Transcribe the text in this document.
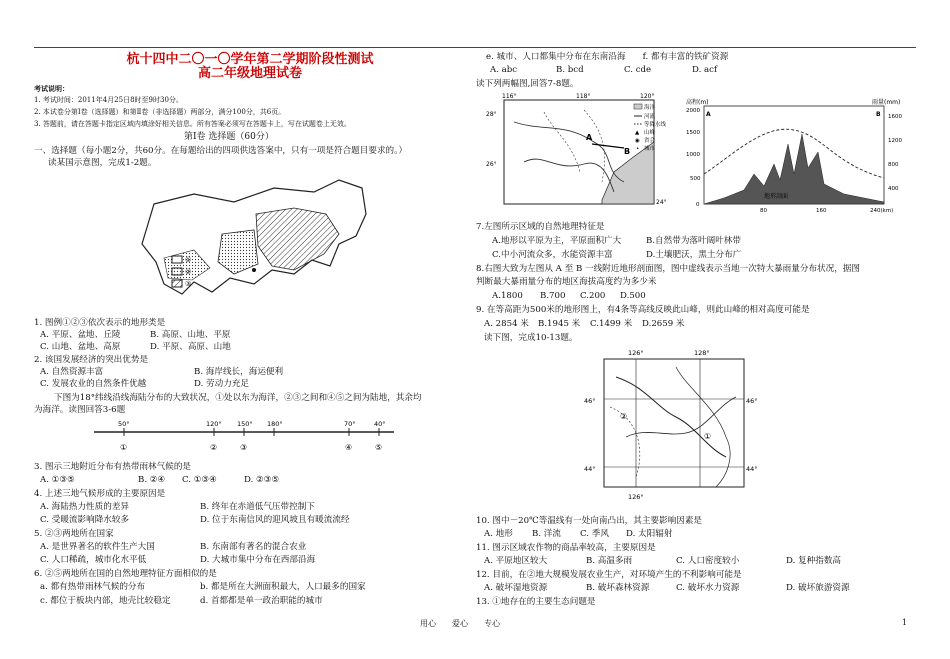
杭十四中二〇一〇学年第二学期阶段性测试
高二年级地理试卷
考试说明：
1. 考试时间：2011年4月25日8时至9时30分。
2. 本试卷分第Ⅰ卷（选择题）和第Ⅱ卷（非选择题）两部分，满分100分，共6页。
3. 答题前，请在答题卡指定区域内填涂好相关信息。所有答案必须写在答题卡上，写在试题卷上无效。
第Ⅰ卷 选择题（60分）
一、选择题（每小题2分，共60分。在每题给出的四项供选答案中，只有一项是符合题目要求的。）
读某国示意图，完成1-2题。
①
②
③
1. 图例①②③依次表示的地形类是
A. 平原、盆地、丘陵	B. 高原、山地、平原
C. 山地、盆地、高原	D. 平原、高原、山地
2. 该国发展经济的突出优势是
A. 自然资源丰富	B. 海岸线长，海运便利
C. 发展农业的自然条件优越	D. 劳动力充足
下图为18°纬线沿线海陆分布的大致状况，①处以东为海洋，②③之间和④⑤之间为陆地，其余均
为海洋。读图回答3-6题
50°	120° 150° 180°	70°	40°
①	②	③	④	⑤
3. 图示三地附近分布有热带雨林气候的是
A. ①③⑤	B. ②④ C. ①③④	D. ②③⑤
4. 上述三地气候形成的主要原因是
A. 海陆热力性质的差异	B. 终年在赤道低气压带控制下
C. 受暖流影响降水较多	D. 位于东南信风的迎风坡且有暖流流经
5. ②③两地所在国家
A. 是世界著名的软件生产大国	B. 东南部有著名的混合农业
C. 人口稀疏，城市化水平低	D. 大城市集中分布在西部沿海
6. ②⑤两地所在国的自然地理特征方面相似的是
a. 都有热带雨林气候的分布	b. 都是所在大洲面积最大，人口最多的国家
c. 都位于板块内部，地壳比较稳定	d. 首都都是单一政治职能的城市
e. 城市、人口都集中分布在东南沿海　　f. 都有丰富的铁矿资源
A. abc	B. bcd	C. cde	D. acf
读下列两幅图,回答7-8题。
A
B
116°	118°	120°
28°
26°
24°
海洋
河流
等降水线
▲ 山峰
◉ 省会
• 城市
高程(m)	雨量(mm)
2000
1500
1000
500
0
1600
1200
800
400
地形剖面
80	160	240(km)
A	B
7.左图所示区域的自然地理特征是
A.地形以平原为主，平原面积广大	B.自然带为落叶阔叶林带
C.中小河流众多，水能资源丰富	D.土壤肥沃，黑土分布广
8.右图大致为左图从 A 至 B 一线附近地形剖面图，图中虚线表示当地一次特大暴雨量分布状况，据图
判断最大暴雨量分布的地区海拔高度约为多少米
A.1800 B.700 C.200 D.500
9. 在等高距为500米的地形图上，有4条等高线反映此山峰，则此山峰的相对高度可能是
A. 2854 米 B.1945 米 C.1499 米 D.2659 米
读下图，完成10-13题。
126°	128°
46°
44°
②
①
46°
44°
126°
10. 图中－20℃等温线有一处向南凸出，其主要影响因素是
A. 地形 B. 洋流 C. 季风 D. 太阳辐射
11. 图示区域农作物的商品率较高，主要原因是
A. 平原地区较大	B. 高温多雨	C. 人口密度较小	D. 复种指数高
12. 目前，在②地大规模发展农业生产，对环境产生的不利影响可能是
A. 破坏湿地资源	B. 破坏森林资源	C. 破坏水力资源	D. 破坏旅游资源
13. ①地存在的主要生态问题是
用心　　爱心　　专心	1
